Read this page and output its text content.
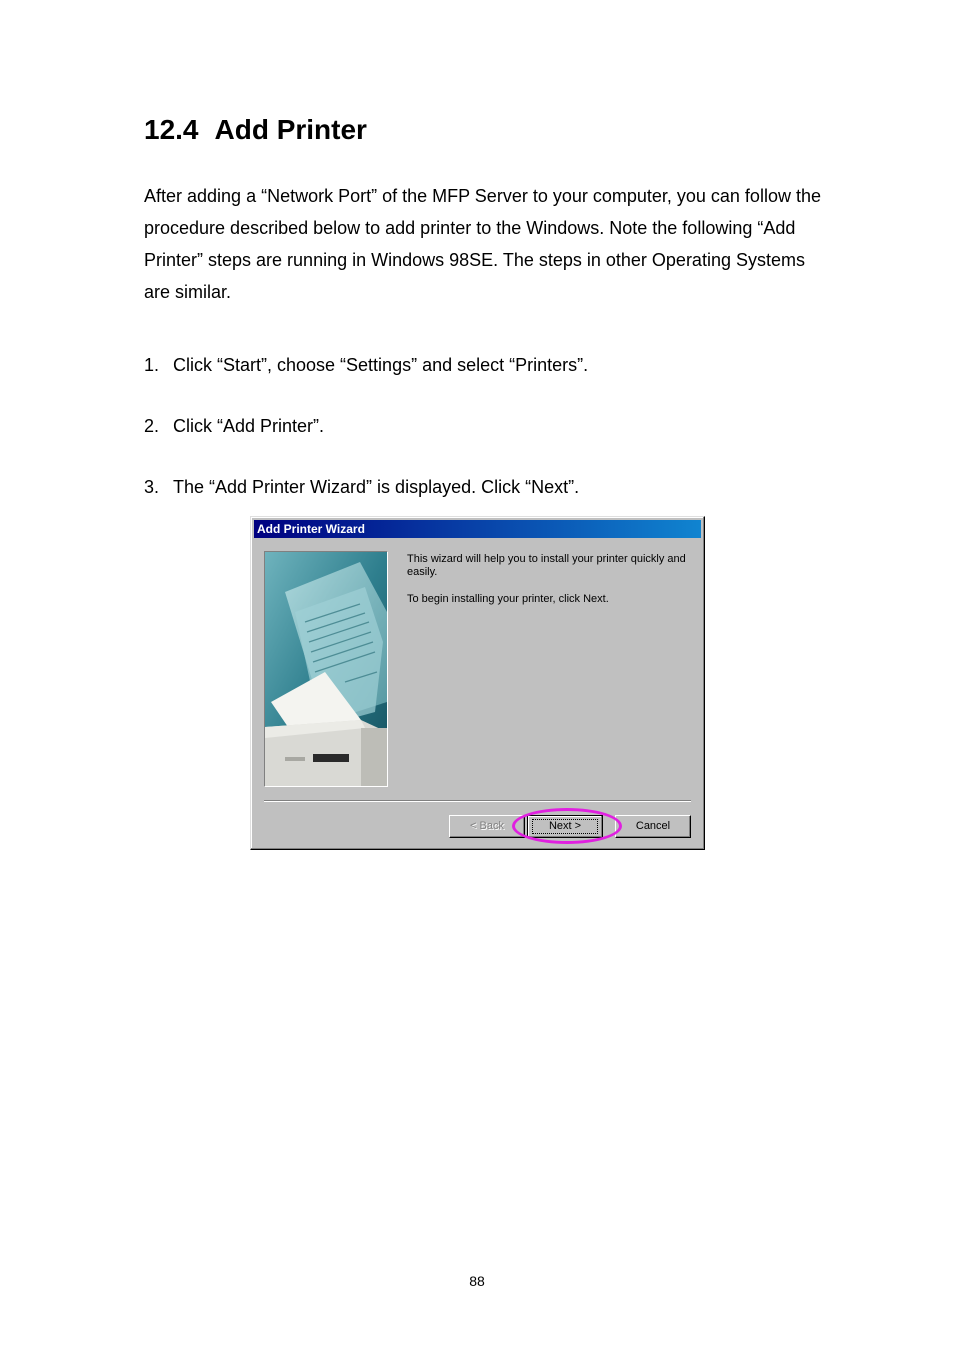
12.4 Add Printer

After adding a “Network Port” of the MFP Server to your computer, you can follow the procedure described below to add printer to the Windows. Note the following “Add Printer” steps are running in Windows 98SE. The steps in other Operating Systems are similar.

1. Click “Start”, choose “Settings” and select “Printers”.

2. Click “Add Printer”.

3. The “Add Printer Wizard” is displayed. Click “Next”.

Add Printer Wizard

This wizard will help you to install your printer quickly and easily.

To begin installing your printer, click Next.

< Back	Next >	Cancel
88
